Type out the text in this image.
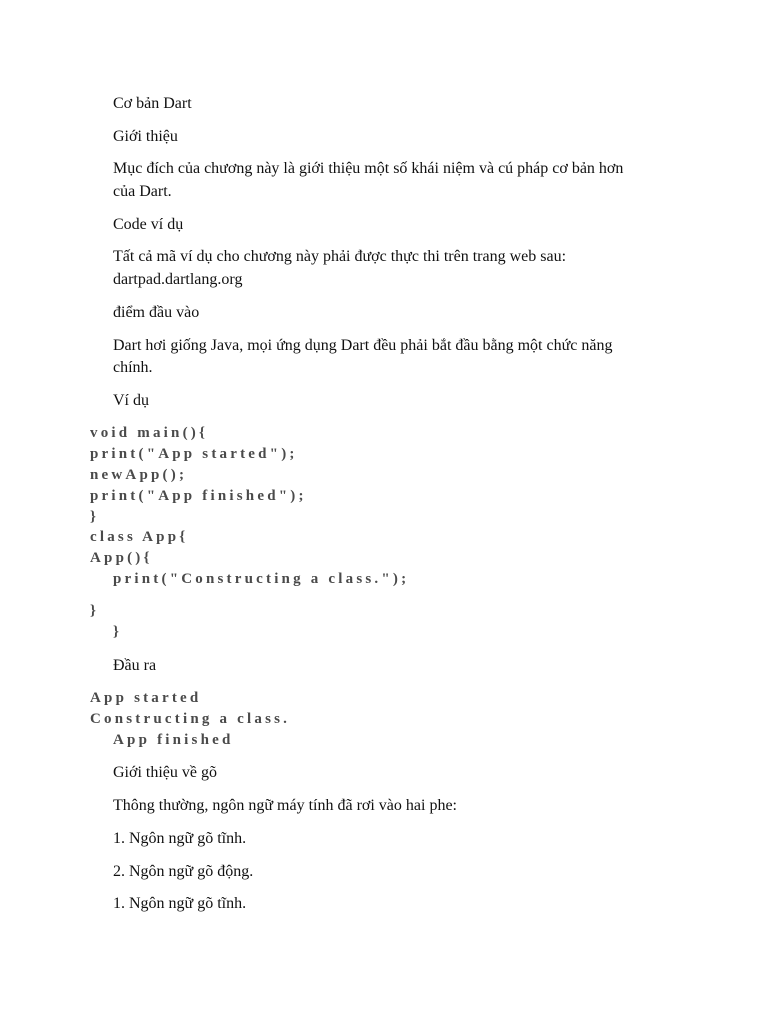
Cơ bản Dart

Giới thiệu

Mục đích của chương này là giới thiệu một số khái niệm và cú pháp cơ bản hơn

của Dart.

Code ví dụ

Tất cả mã ví dụ cho chương này phải được thực thi trên trang web sau:

dartpad.dartlang.org

điểm đầu vào

Dart hơi giống Java, mọi ứng dụng Dart đều phải bắt đầu bằng một chức năng

chính.

Ví dụ

void main(){
print("App started");
newApp();
print("App finished");
}
class App{
App(){
print("Constructing a class.");
}
}

Đầu ra

App started
Constructing a class.
App finished

Giới thiệu về gõ

Thông thường, ngôn ngữ máy tính đã rơi vào hai phe:

1. Ngôn ngữ gõ tĩnh.

2. Ngôn ngữ gõ động.

1. Ngôn ngữ gõ tĩnh.
